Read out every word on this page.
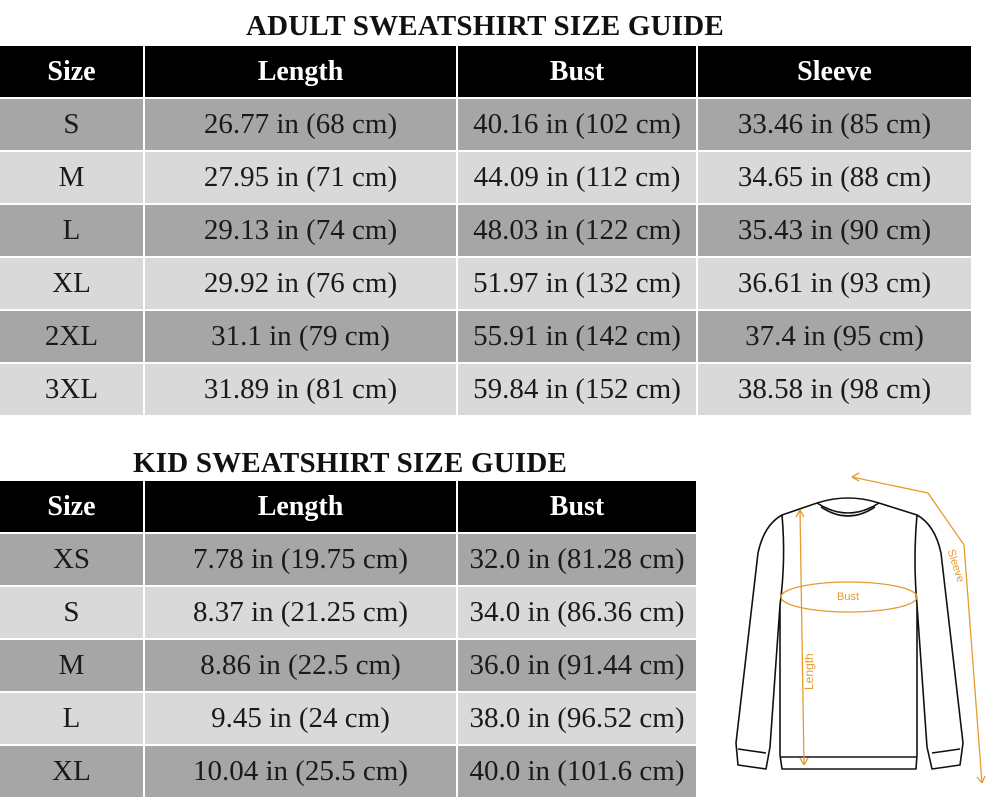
ADULT SWEATSHIRT SIZE GUIDE
Size	Length	Bust	Sleeve
S	26.77 in (68 cm)	40.16 in (102 cm)	33.46 in (85 cm)
M	27.95 in (71 cm)	44.09 in (112 cm)	34.65 in (88 cm)
L	29.13 in (74 cm)	48.03 in (122 cm)	35.43 in (90 cm)
XL	29.92 in (76 cm)	51.97 in (132 cm)	36.61 in (93 cm)
2XL	31.1 in (79 cm)	55.91 in (142 cm)	37.4 in (95 cm)
3XL	31.89 in (81 cm)	59.84 in (152 cm)	38.58 in (98 cm)
KID SWEATSHIRT SIZE GUIDE
Size	Length	Bust
XS	7.78 in (19.75 cm)	32.0 in (81.28 cm)
S	8.37 in (21.25 cm)	34.0 in (86.36 cm)
M	8.86 in (22.5 cm)	36.0 in (91.44 cm)
L	9.45 in (24 cm)	38.0 in (96.52 cm)
XL	10.04 in (25.5 cm)	40.0 in (101.6 cm)
Sleeve
Bust
Length
